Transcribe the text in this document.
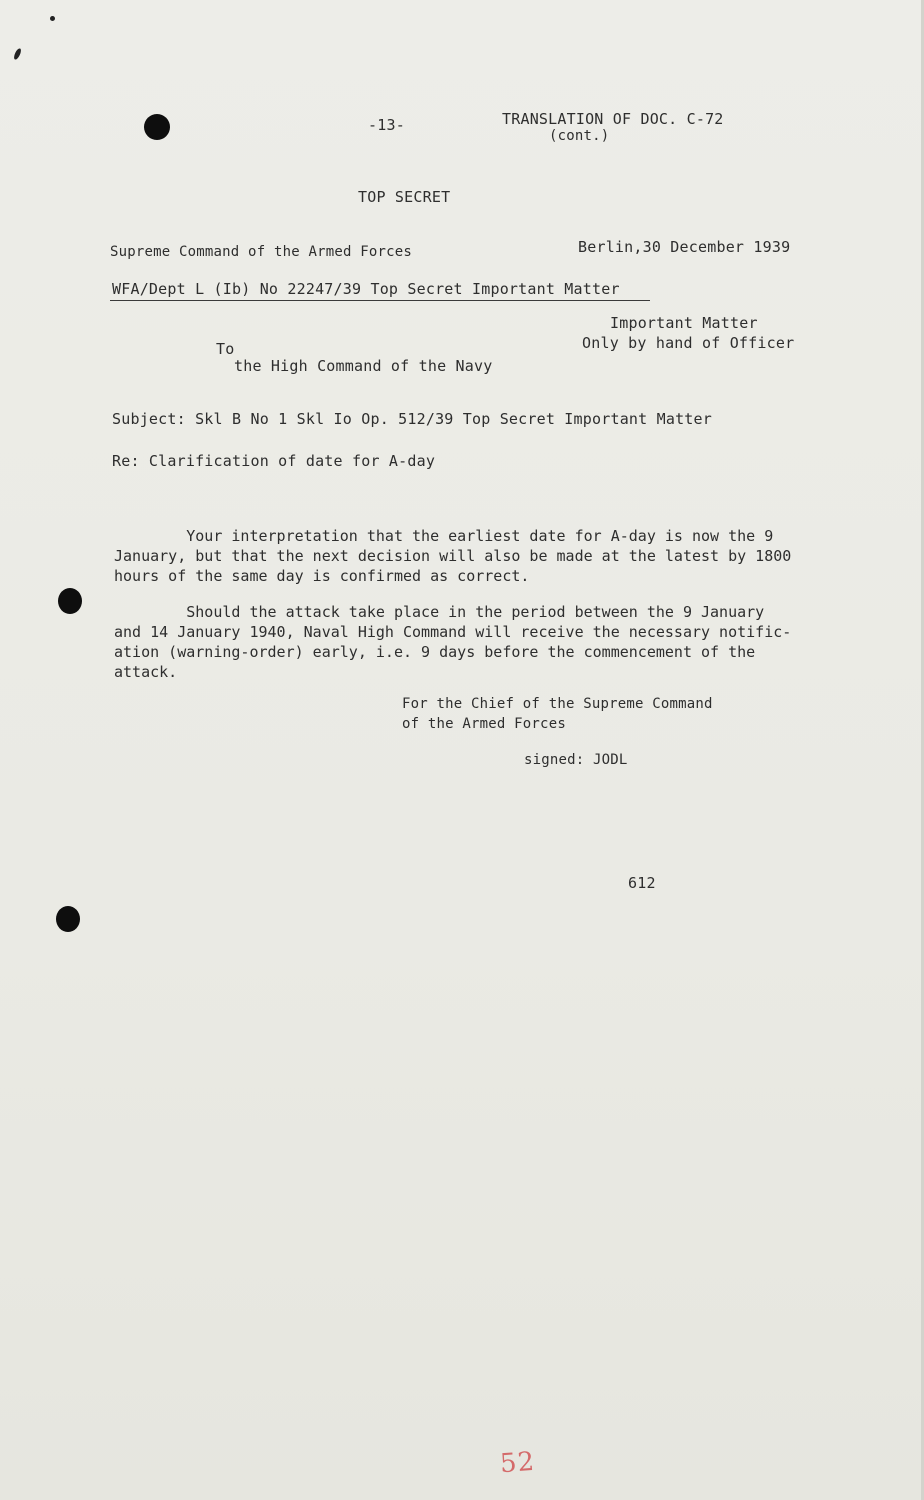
-13-	TRANSLATION OF DOC. C-72
(cont.)
TOP SECRET
Supreme Command of the Armed Forces	Berlin,30 December 1939
WFA/Dept L (Ib) No 22247/39 Top Secret Important Matter
Important Matter
Only by hand of Officer
To
the High Command of the Navy
Subject: Skl B No 1 Skl Io Op. 512/39 Top Secret Important Matter
Re: Clarification of date for A-day
Your interpretation that the earliest date for A-day is now the 9
January, but that the next decision will also be made at the latest by 1800
hours of the same day is confirmed as correct.
Should the attack take place in the period between the 9 January
and 14 January 1940, Naval High Command will receive the necessary notific-
ation (warning-order) early, i.e. 9 days before the commencement of the
attack.
For the Chief of the Supreme Command
of the Armed Forces
signed: JODL
612
52
